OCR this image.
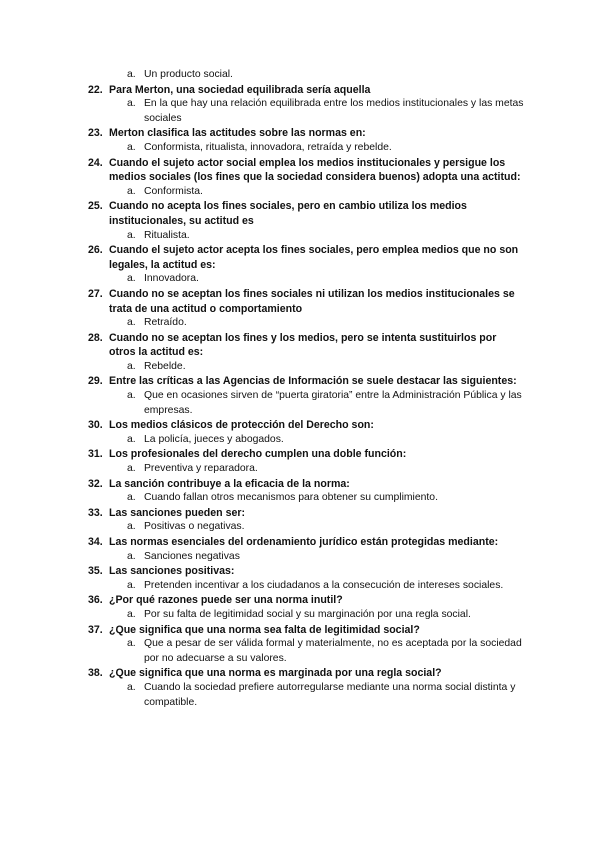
a. Un producto social.
22. Para Merton, una sociedad equilibrada sería aquella
a. En la que hay una relación equilibrada entre los medios institucionales y las metas sociales
23. Merton clasifica las actitudes sobre las normas en:
a. Conformista, ritualista, innovadora, retraída y rebelde.
24. Cuando el sujeto actor social emplea los medios institucionales y persigue los medios sociales (los fines que la sociedad considera buenos) adopta una actitud:
a. Conformista.
25. Cuando no acepta los fines sociales, pero en cambio utiliza los medios institucionales, su actitud es
a. Ritualista.
26. Cuando el sujeto actor acepta los fines sociales, pero emplea medios que no son legales, la actitud es:
a. Innovadora.
27. Cuando no se aceptan los fines sociales ni utilizan los medios institucionales se trata de una actitud o comportamiento
a. Retraído.
28. Cuando no se aceptan los fines y los medios, pero se intenta sustituirlos por otros la actitud es:
a. Rebelde.
29. Entre las críticas a las Agencias de Información se suele destacar las siguientes:
a. Que en ocasiones sirven de “puerta giratoria” entre la Administración Pública y las empresas.
30. Los medios clásicos de protección del Derecho son:
a. La policía, jueces y abogados.
31. Los profesionales del derecho cumplen una doble función:
a. Preventiva y reparadora.
32. La sanción contribuye a la eficacia de la norma:
a. Cuando fallan otros mecanismos para obtener su cumplimiento.
33. Las sanciones pueden ser:
a. Positivas o negativas.
34. Las normas esenciales del ordenamiento jurídico están protegidas mediante:
a. Sanciones negativas
35. Las sanciones positivas:
a. Pretenden incentivar a los ciudadanos a la consecución de intereses sociales.
36. ¿Por qué razones puede ser una norma inutil?
a. Por su falta de legitimidad social y su marginación por una regla social.
37. ¿Que significa que una norma sea falta de legitimidad social?
a. Que a pesar de ser válida formal y materialmente, no es aceptada por la sociedad por no adecuarse a su valores.
38. ¿Que significa que una norma es marginada por una regla social?
a. Cuando la sociedad prefiere autorregularse mediante una norma social distinta y compatible.
